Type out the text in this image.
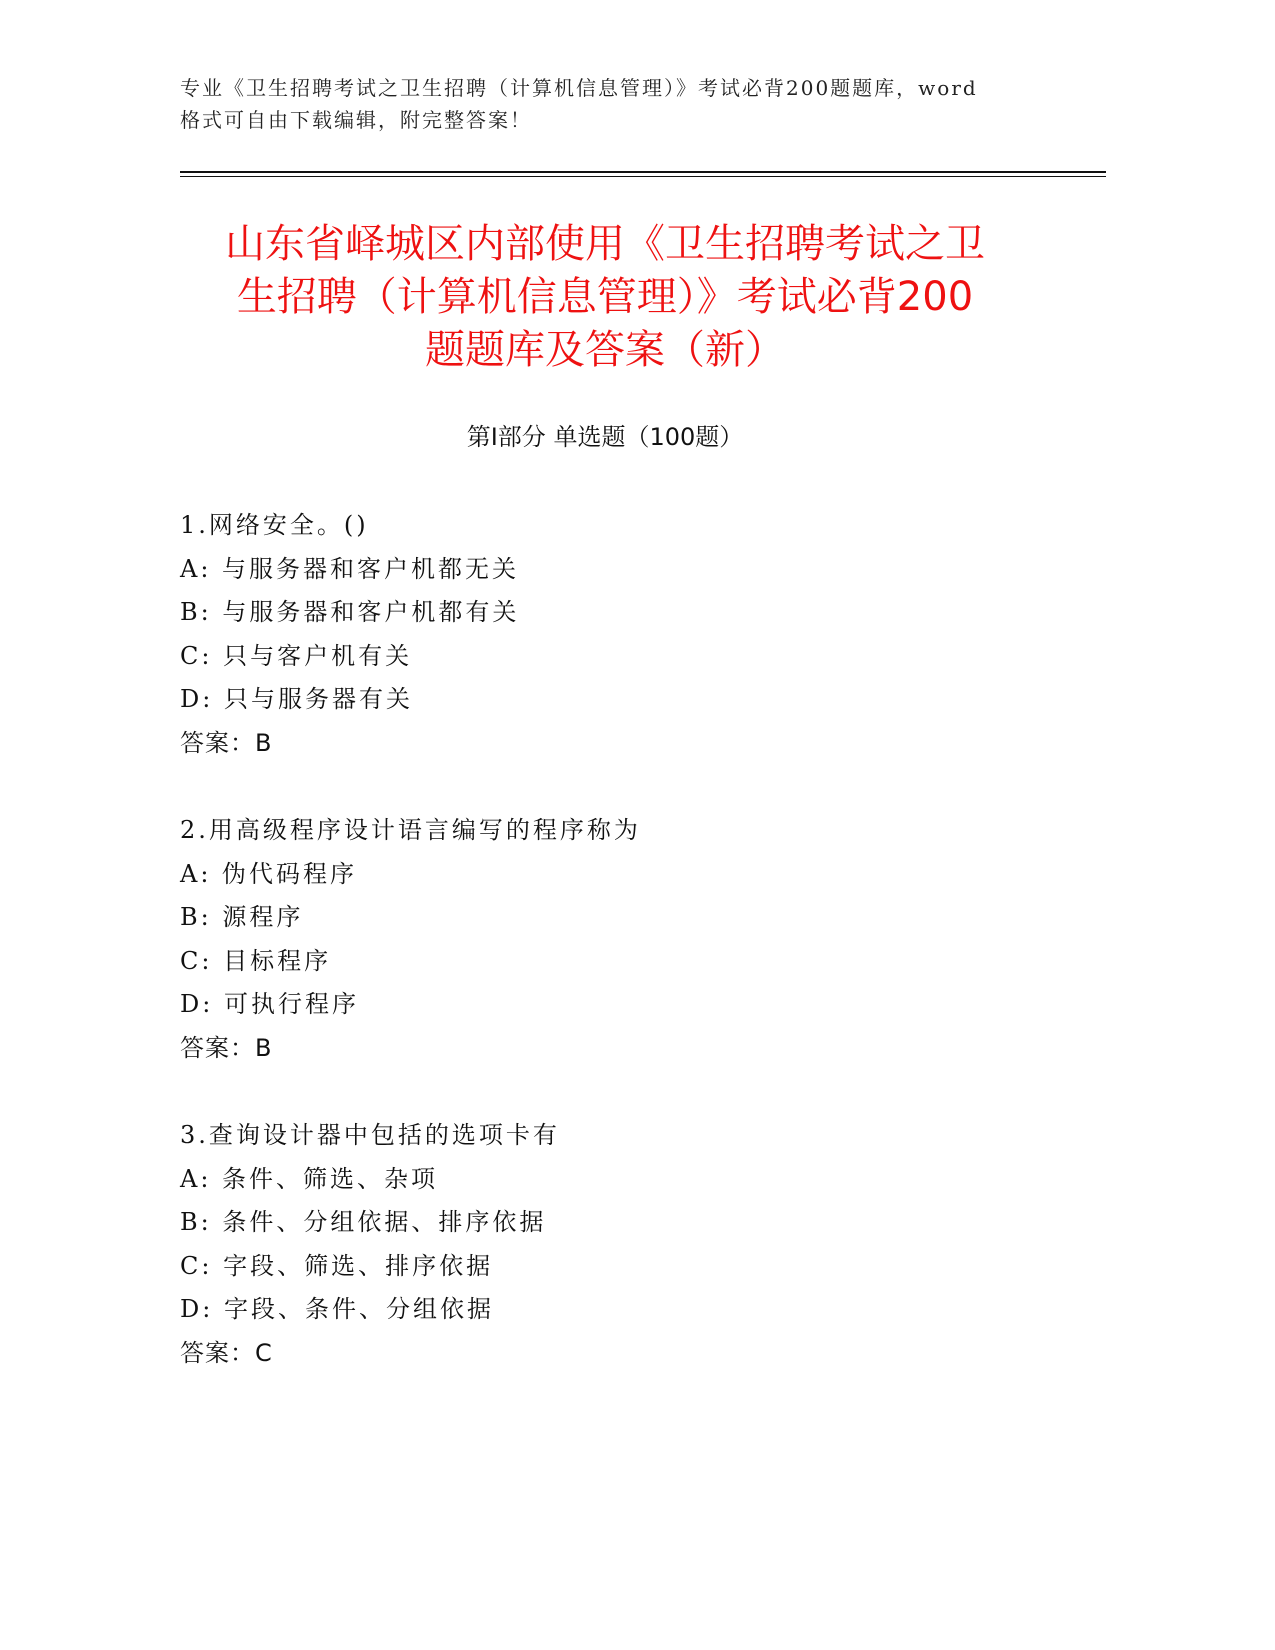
专业《卫生招聘考试之卫生招聘（计算机信息管理）》考试必背200题题库，word
格式可自由下载编辑，附完整答案！
山东省峄城区内部使用《卫生招聘考试之卫
生招聘（计算机信息管理）》考试必背200
题题库及答案（新）
第Ⅰ部分 单选题（100题）
1.网络安全。()
A: 与服务器和客户机都无关
B: 与服务器和客户机都有关
C: 只与客户机有关
D: 只与服务器有关
答案：B
2.用高级程序设计语言编写的程序称为
A: 伪代码程序
B: 源程序
C: 目标程序
D: 可执行程序
答案：B
3.查询设计器中包括的选项卡有
A: 条件、筛选、杂项
B: 条件、分组依据、排序依据
C: 字段、筛选、排序依据
D: 字段、条件、分组依据
答案：C
